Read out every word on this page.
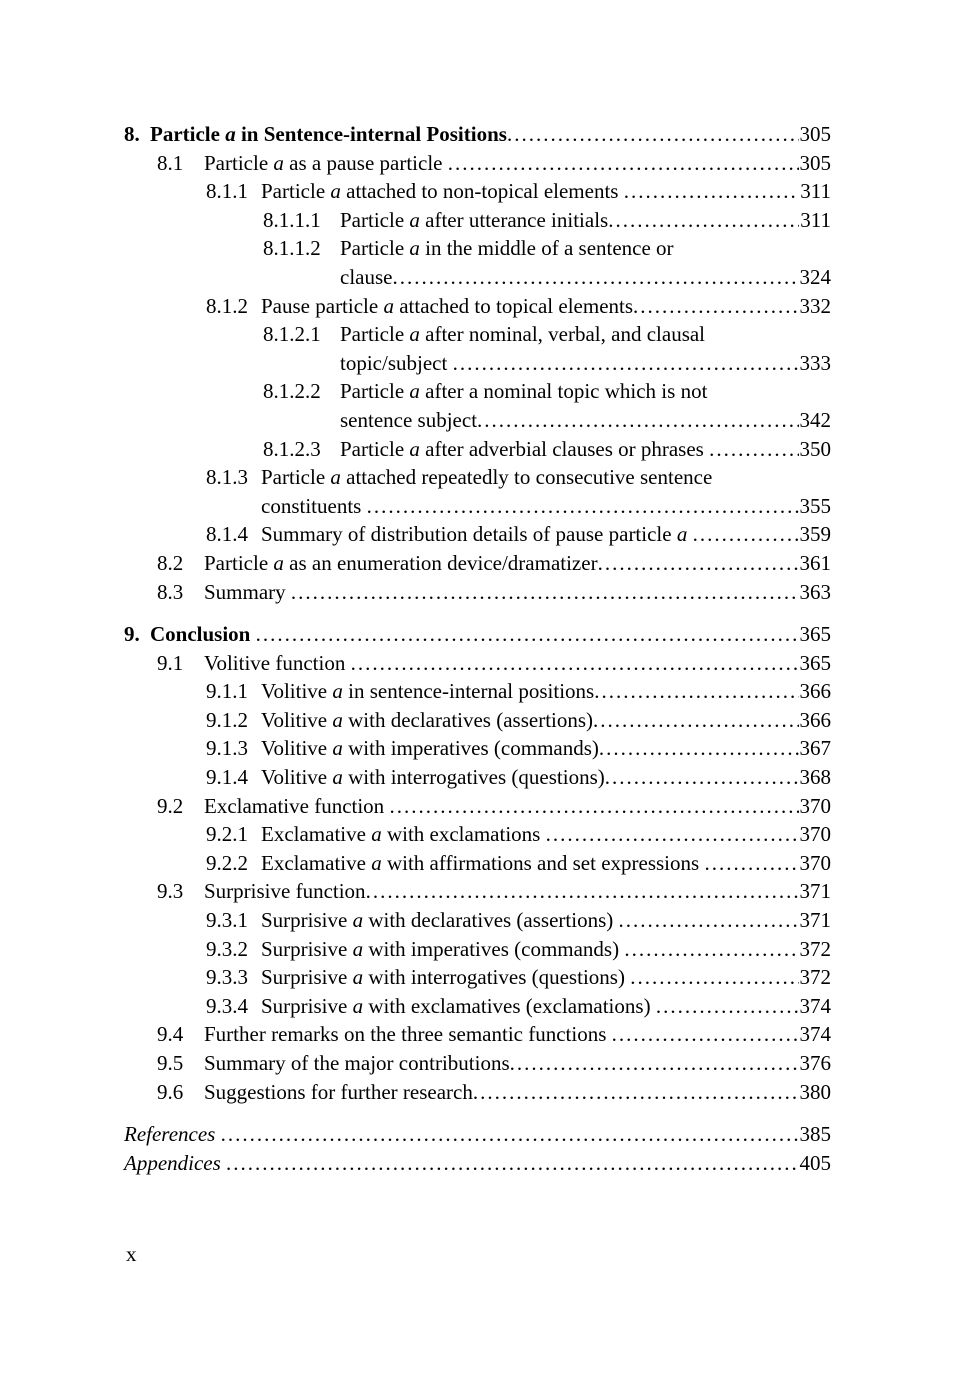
8. Particle a in Sentence-internal Positions .....	305
8.1 Particle a as a pause particle .....	305
8.1.1 Particle a attached to non-topical elements .....	311
8.1.1.1 Particle a after utterance initials .....	311
8.1.1.2 Particle a in the middle of a sentence or
clause .....	324
8.1.2 Pause particle a attached to topical elements .....	332
8.1.2.1 Particle a after nominal, verbal, and clausal
topic/subject .....	333
8.1.2.2 Particle a after a nominal topic which is not
sentence subject .....	342
8.1.2.3 Particle a after adverbial clauses or phrases .....	350
8.1.3 Particle a attached repeatedly to consecutive sentence
constituents .....	355
8.1.4 Summary of distribution details of pause particle a .....	359
8.2 Particle a as an enumeration device/dramatizer .....	361
8.3 Summary .....	363
9. Conclusion .....	365
9.1 Volitive function .....	365
9.1.1 Volitive a in sentence-internal positions .....	366
9.1.2 Volitive a with declaratives (assertions) .....	366
9.1.3 Volitive a with imperatives (commands) .....	367
9.1.4 Volitive a with interrogatives (questions) .....	368
9.2 Exclamative function .....	370
9.2.1 Exclamative a with exclamations .....	370
9.2.2 Exclamative a with affirmations and set expressions .....	370
9.3 Surprisive function .....	371
9.3.1 Surprisive a with declaratives (assertions) .....	371
9.3.2 Surprisive a with imperatives (commands) .....	372
9.3.3 Surprisive a with interrogatives (questions) .....	372
9.3.4 Surprisive a with exclamatives (exclamations) .....	374
9.4 Further remarks on the three semantic functions .....	374
9.5 Summary of the major contributions .....	376
9.6 Suggestions for further research .....	380
References .....	385
Appendices .....	405
x
